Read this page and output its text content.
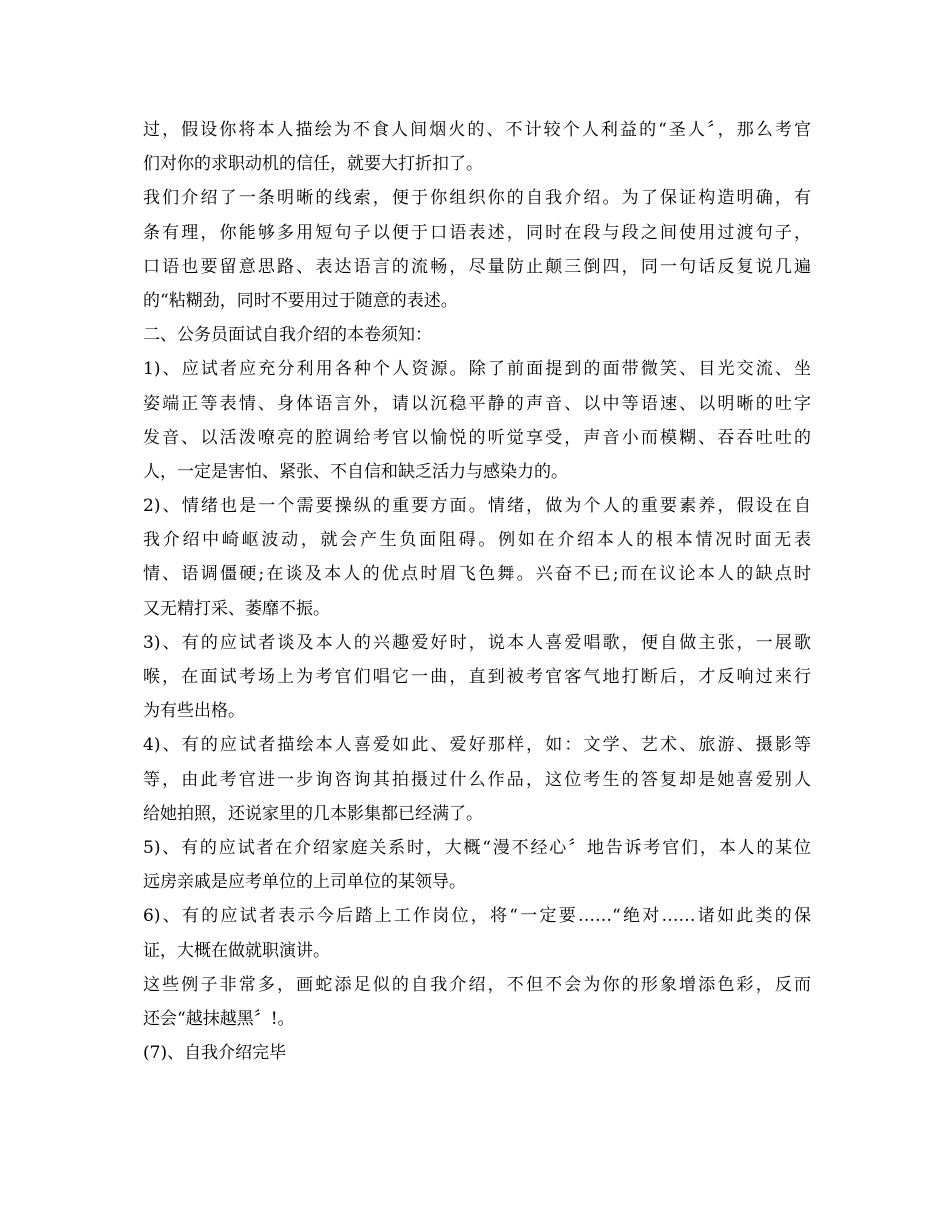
过，假设你将本人描绘为不食人间烟火的、不计较个人利益的“圣人〞，那么考官
们对你的求职动机的信任，就要大打折扣了。
我们介绍了一条明晰的线索，便于你组织你的自我介绍。为了保证构造明确，有
条有理，你能够多用短句子以便于口语表述，同时在段与段之间使用过渡句子，
口语也要留意思路、表达语言的流畅，尽量防止颠三倒四，同一句话反复说几遍
的“粘糊劲，同时不要用过于随意的表述。
二、公务员面试自我介绍的本卷须知：
1)、应试者应充分利用各种个人资源。除了前面提到的面带微笑、目光交流、坐
姿端正等表情、身体语言外，请以沉稳平静的声音、以中等语速、以明晰的吐字
发音、以活泼嘹亮的腔调给考官以愉悦的听觉享受，声音小而模糊、吞吞吐吐的
人，一定是害怕、紧张、不自信和缺乏活力与感染力的。
2)、情绪也是一个需要操纵的重要方面。情绪，做为个人的重要素养，假设在自
我介绍中崎岖波动，就会产生负面阻碍。例如在介绍本人的根本情况时面无表
情、语调僵硬;在谈及本人的优点时眉飞色舞。兴奋不已;而在议论本人的缺点时
又无精打采、萎靡不振。
3)、有的应试者谈及本人的兴趣爱好时，说本人喜爱唱歌，便自做主张，一展歌
喉，在面试考场上为考官们唱它一曲，直到被考官客气地打断后，才反响过来行
为有些出格。
4)、有的应试者描绘本人喜爱如此、爱好那样，如：文学、艺术、旅游、摄影等
等，由此考官进一步询咨询其拍摄过什么作品，这位考生的答复却是她喜爱别人
给她拍照，还说家里的几本影集都已经满了。
5)、有的应试者在介绍家庭关系时，大概“漫不经心〞地告诉考官们，本人的某位
远房亲戚是应考单位的上司单位的某领导。
6)、有的应试者表示今后踏上工作岗位，将“一定要……“绝对……诸如此类的保
证，大概在做就职演讲。
这些例子非常多，画蛇添足似的自我介绍，不但不会为你的形象增添色彩，反而
还会“越抹越黑〞!。
(7)、自我介绍完毕
